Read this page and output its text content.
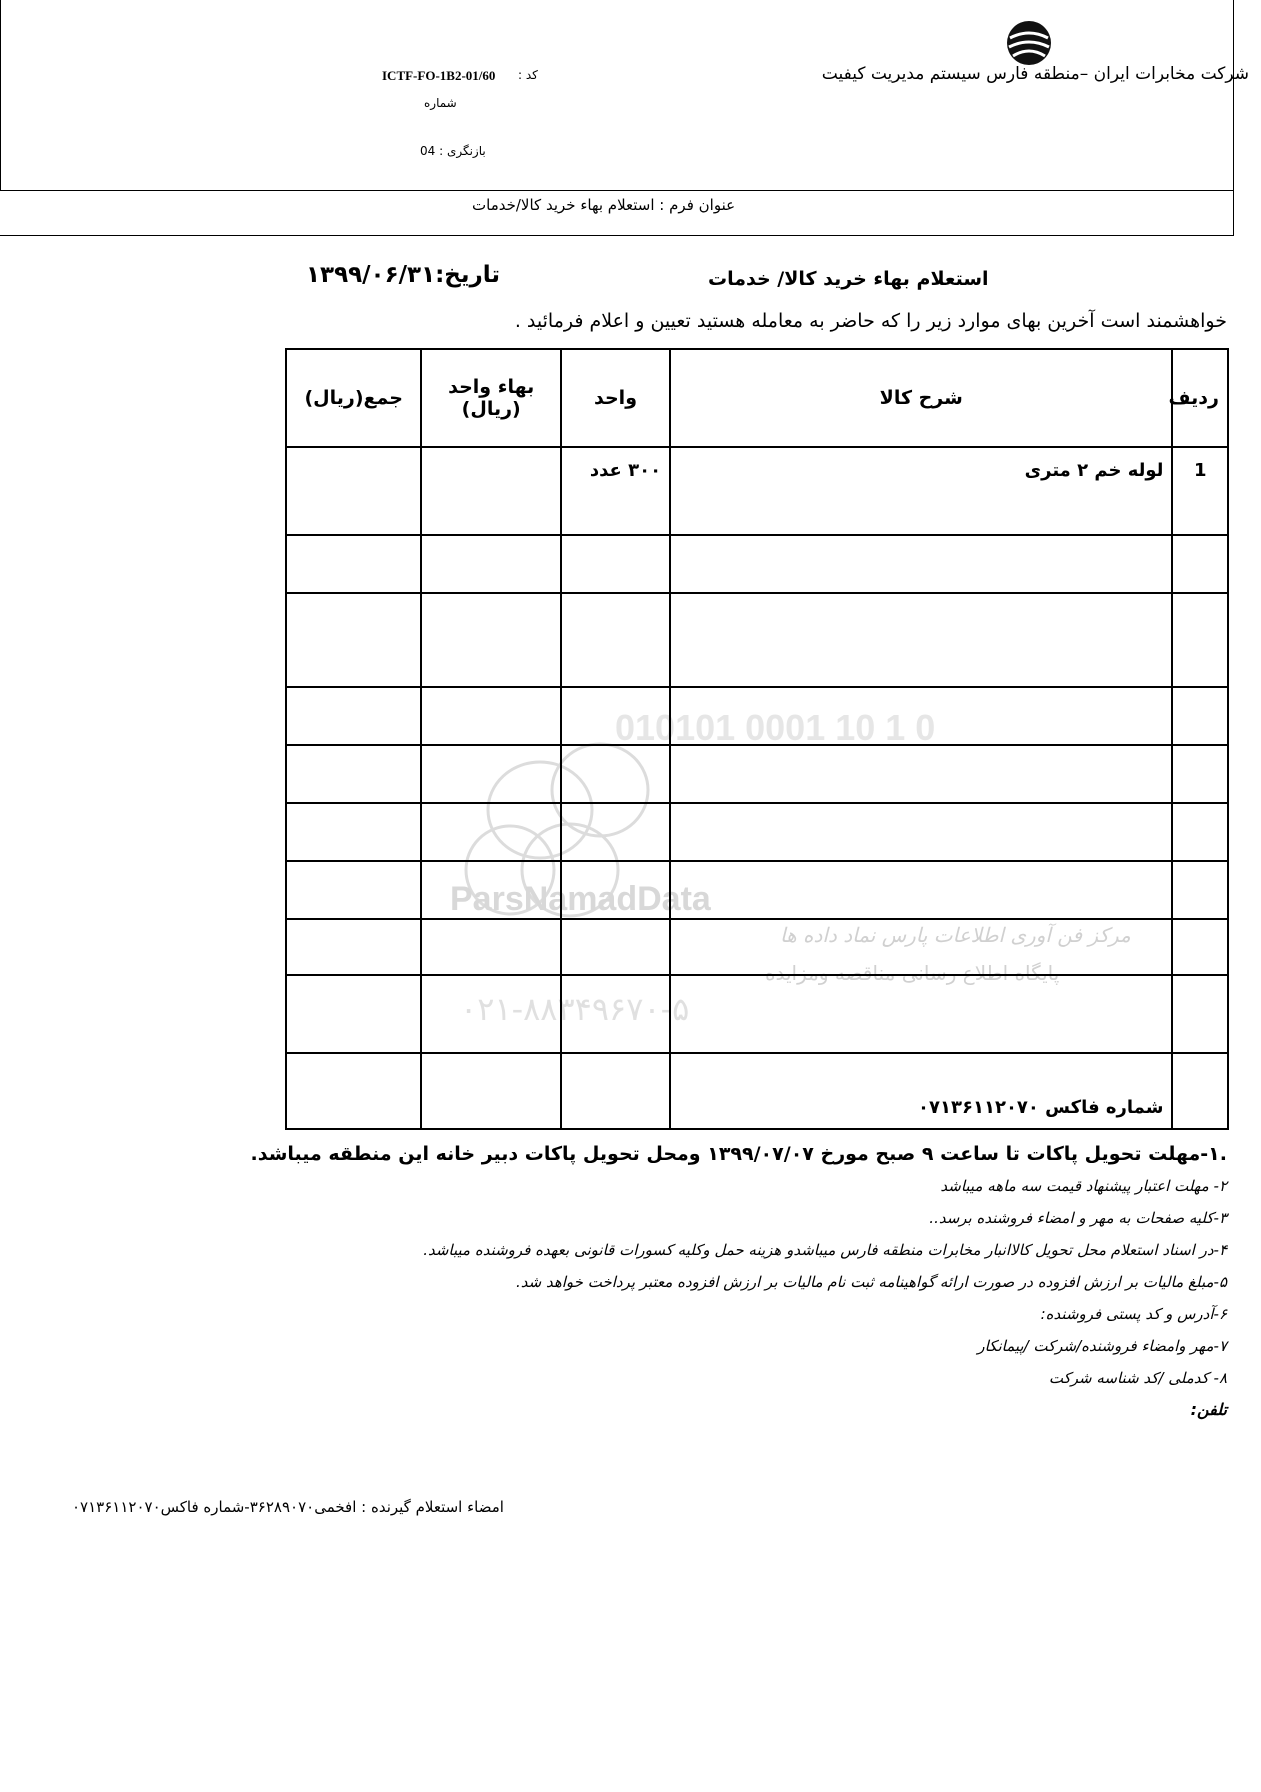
شرکت مخابرات ایران –منطقه فارس سیستم مدیریت کیفیت
کد :
ICTF-FO-1B2-01/60
شماره
بازنگری : 04
عنوان فرم : استعلام بهاء خرید کالا/خدمات
استعلام بهاء خرید کالا/ خدمات
تاریخ:۱۳۹۹/۰۶/۳۱
خواهشمند است آخرین بهای موارد زیر را که حاضر به معامله هستید تعیین و اعلام فرمائید .
010101 0001 10 1 0
ParsNamadData
مرکز فن آوری اطلاعات پارس نماد داده ها
پایگاه اطلاع رسانی مناقصه ومزایده
۰۲۱-۸۸۳۴۹۶۷۰-۵
ردیف	شرح کالا	واحد	بهاء واحد (ریال)	جمع(ریال)
1	لوله خم ۲ متری	۳۰۰ عدد		

	شماره فاکس ۰۷۱۳۶۱۱۲۰۷۰			
.۱-مهلت تحویل پاکات تا ساعت ۹ صبح مورخ ۱۳۹۹/۰۷/۰۷ ومحل تحویل پاکات دبیر خانه این منطقه میباشد.
۲- مهلت اعتبار پیشنهاد قیمت سه ماهه میباشد
۳-کلیه صفحات به مهر و امضاء فروشنده برسد..
۴-در اسناد استعلام محل تحویل کالاانبار مخابرات منطقه فارس میباشدو هزینه حمل وکلیه کسورات قانونی بعهده فروشنده میباشد.
۵-مبلغ مالیات بر ارزش افزوده در صورت ارائه گواهینامه ثبت نام مالیات بر ارزش افزوده معتبر پرداخت خواهد شد.
۶-آدرس و کد پستی فروشنده:
۷-مهر وامضاء فروشنده/شرکت /پیمانکار
۸- کدملی /کد شناسه شرکت
تلفن:
امضاء استعلام گیرنده : افخمی۳۶۲۸۹۰۷۰-شماره فاکس۰۷۱۳۶۱۱۲۰۷۰
